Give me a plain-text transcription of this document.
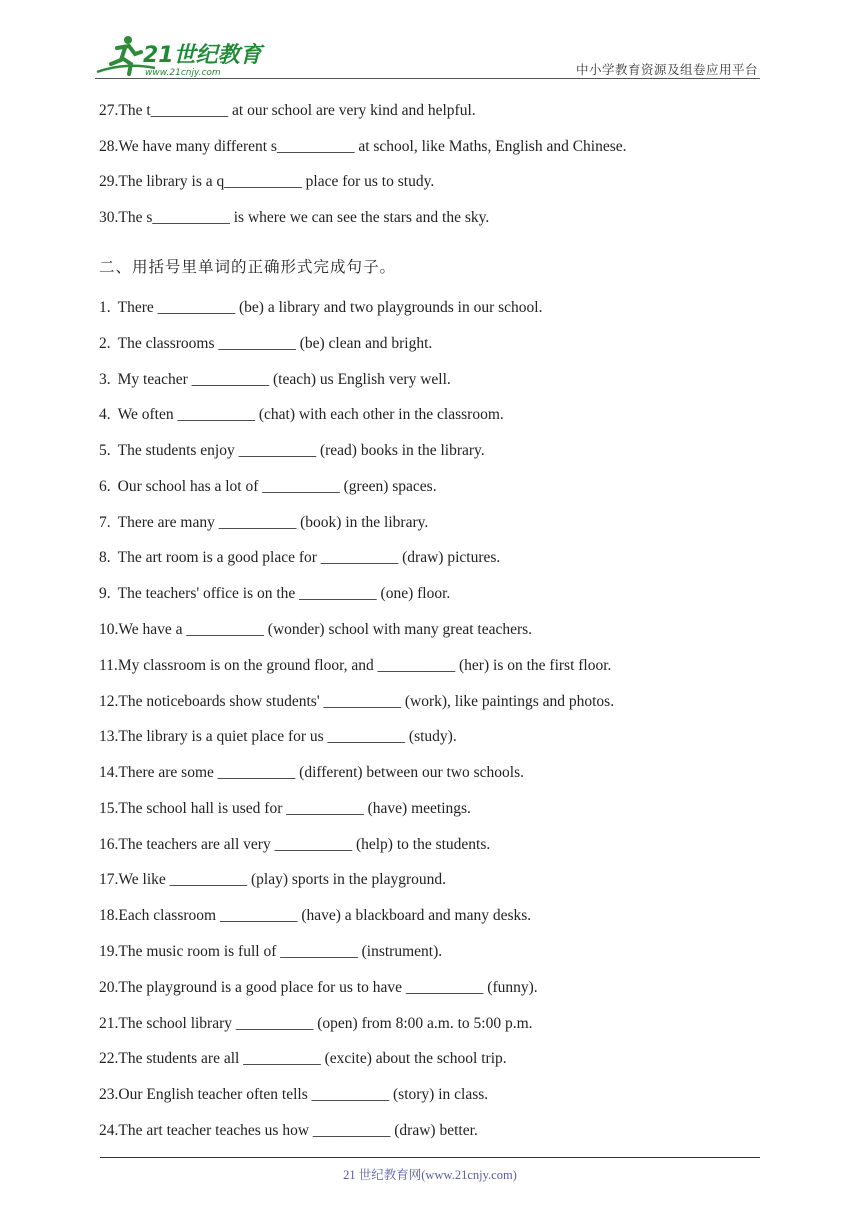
21世纪教育
www.21cnjy.com	中小学教育资源及组卷应用平台
27.The t__________ at our school are very kind and helpful.
28.We have many different s__________ at school, like Maths, English and Chinese.
29.The library is a q__________ place for us to study.
30.The s__________ is where we can see the stars and the sky.
二、用括号里单词的正确形式完成句子。
1. There __________ (be) a library and two playgrounds in our school.
2. The classrooms __________ (be) clean and bright.
3. My teacher __________ (teach) us English very well.
4. We often __________ (chat) with each other in the classroom.
5. The students enjoy __________ (read) books in the library.
6. Our school has a lot of __________ (green) spaces.
7. There are many __________ (book) in the library.
8. The art room is a good place for __________ (draw) pictures.
9. The teachers' office is on the __________ (one) floor.
10.We have a __________ (wonder) school with many great teachers.
11.My classroom is on the ground floor, and __________ (her) is on the first floor.
12.The noticeboards show students' __________ (work), like paintings and photos.
13.The library is a quiet place for us __________ (study).
14.There are some __________ (different) between our two schools.
15.The school hall is used for __________ (have) meetings.
16.The teachers are all very __________ (help) to the students.
17.We like __________ (play) sports in the playground.
18.Each classroom __________ (have) a blackboard and many desks.
19.The music room is full of __________ (instrument).
20.The playground is a good place for us to have __________ (funny).
21.The school library __________ (open) from 8:00 a.m. to 5:00 p.m.
22.The students are all __________ (excite) about the school trip.
23.Our English teacher often tells __________ (story) in class.
24.The art teacher teaches us how __________ (draw) better.
21 世纪教育网(www.21cnjy.com)
